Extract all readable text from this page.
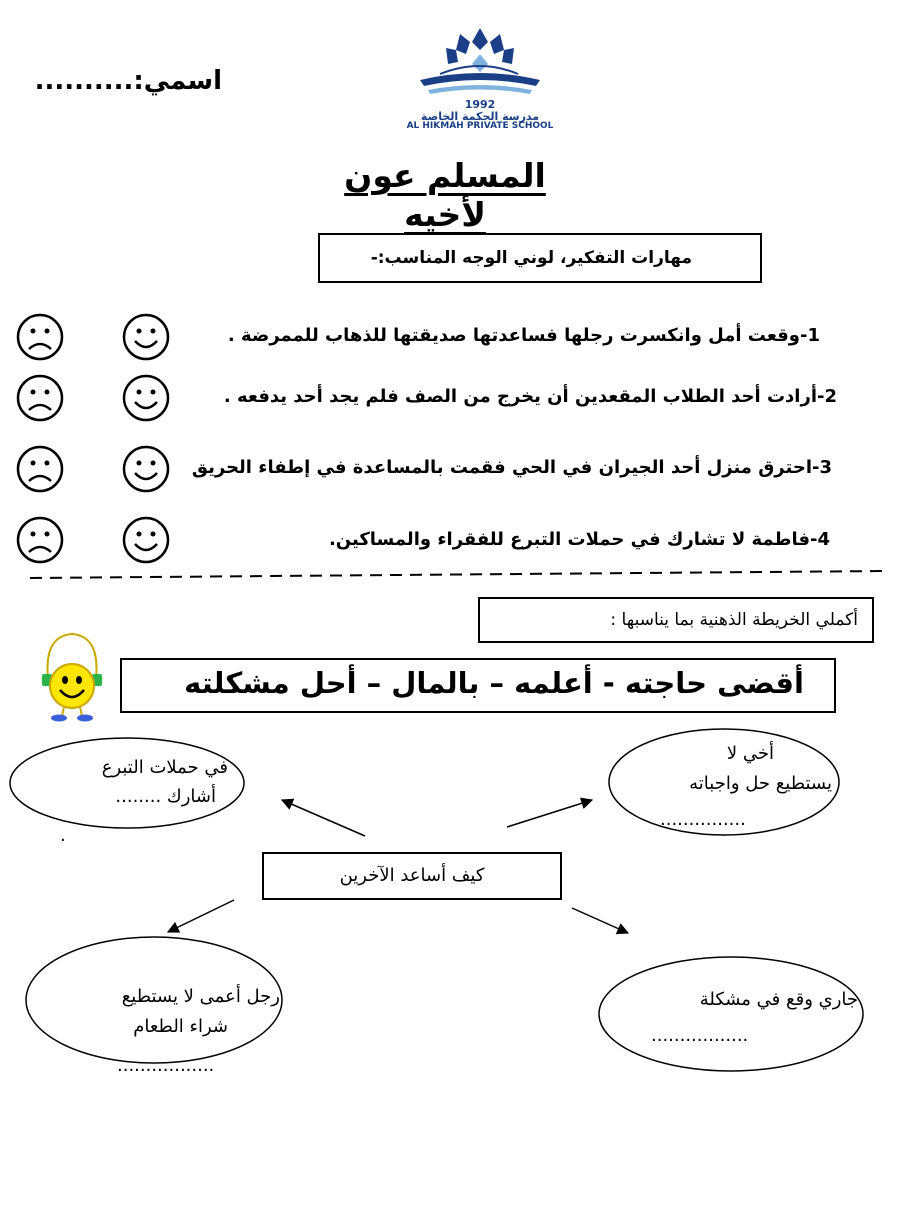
اسمي:..........
1992
مدرسة الحكمة الخاصة
AL HIKMAH PRIVATE SCHOOL
المسلم عون لأخيه
مهارات التفكير، لوني الوجه المناسب:-
1-وقعت أمل وانكسرت رجلها فساعدتها صديقتها للذهاب للممرضة .
2-أرادت أحد الطلاب المقعدين أن يخرج من الصف فلم يجد أحد يدفعه .
3-احترق منزل أحد الجيران في الحي فقمت بالمساعدة في إطفاء الحريق
4-فاطمة لا تشارك في حملات التبرع للفقراء والمساكين.
أكملي الخريطة الذهنية بما يناسبها :
أقضى حاجته - أعلمه – بالمال – أحل مشكلته
كيف أساعد الآخرين
في حملات التبرع
أشارك ........
.
أخي لا
يستطيع حل واجباته
...............
رجل أعمى لا يستطيع
شراء الطعام
.................
جاري وقع في مشكلة
.................
